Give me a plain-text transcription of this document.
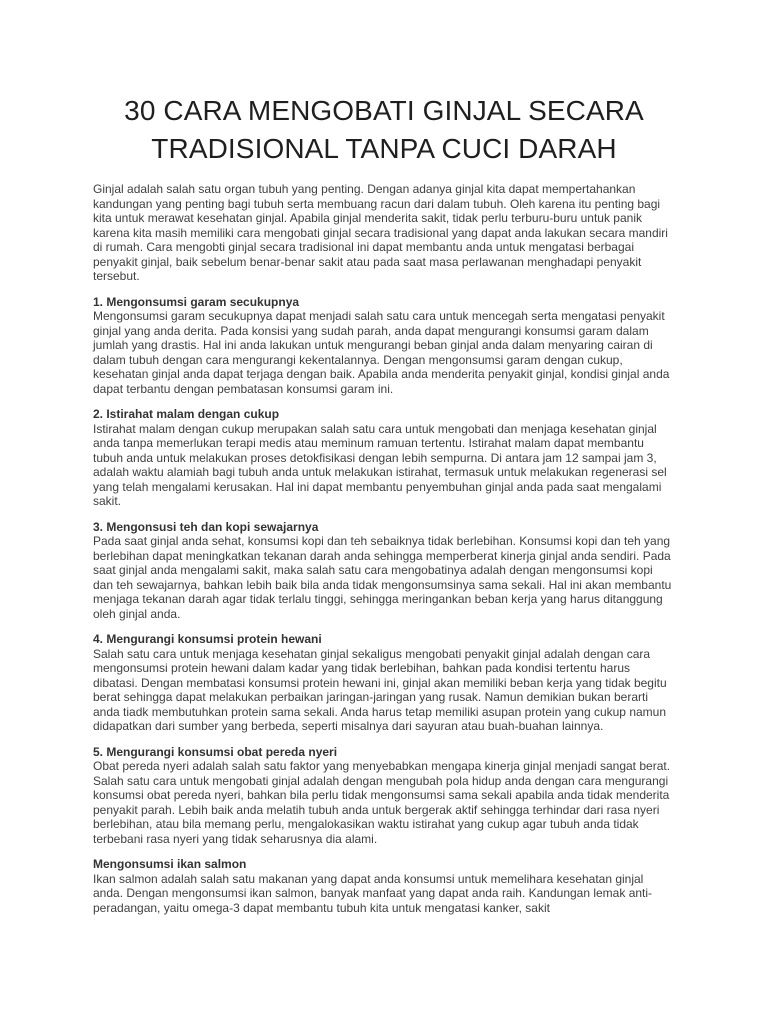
30 CARA MENGOBATI GINJAL SECARA
TRADISIONAL TANPA CUCI DARAH

Ginjal adalah salah satu organ tubuh yang penting. Dengan adanya ginjal kita dapat mempertahankan kandungan yang penting bagi tubuh serta membuang racun dari dalam tubuh. Oleh karena itu penting bagi kita untuk merawat kesehatan ginjal. Apabila ginjal menderita sakit, tidak perlu terburu-buru untuk panik karena kita masih memiliki cara mengobati ginjal secara tradisional yang dapat anda lakukan secara mandiri di rumah. Cara mengobti ginjal secara tradisional ini dapat membantu anda untuk mengatasi berbagai penyakit ginjal, baik sebelum benar-benar sakit atau pada saat masa perlawanan menghadapi penyakit tersebut.

1. Mengonsumsi garam secukupnya
Mengonsumsi garam secukupnya dapat menjadi salah satu cara untuk mencegah serta mengatasi penyakit ginjal yang anda derita. Pada konsisi yang sudah parah, anda dapat mengurangi konsumsi garam dalam jumlah yang drastis. Hal ini anda lakukan untuk mengurangi beban ginjal anda dalam menyaring cairan di dalam tubuh dengan cara mengurangi kekentalannya. Dengan mengonsumsi garam dengan cukup, kesehatan ginjal anda dapat terjaga dengan baik. Apabila anda menderita penyakit ginjal, kondisi ginjal anda dapat terbantu dengan pembatasan konsumsi garam ini.
2. Istirahat malam dengan cukup
Istirahat malam dengan cukup merupakan salah satu cara untuk mengobati dan menjaga kesehatan ginjal anda tanpa memerlukan terapi medis atau meminum ramuan tertentu. Istirahat malam dapat membantu tubuh anda untuk melakukan proses detokfisikasi dengan lebih sempurna. Di antara jam 12 sampai jam 3, adalah waktu alamiah bagi tubuh anda untuk melakukan istirahat, termasuk untuk melakukan regenerasi sel yang telah mengalami kerusakan. Hal ini dapat membantu penyembuhan ginjal anda pada saat mengalami sakit.
3. Mengonsusi teh dan kopi sewajarnya
Pada saat ginjal anda sehat, konsumsi kopi dan teh sebaiknya tidak berlebihan. Konsumsi kopi dan teh yang berlebihan dapat meningkatkan tekanan darah anda sehingga memperberat kinerja ginjal anda sendiri. Pada saat ginjal anda mengalami sakit, maka salah satu cara mengobatinya adalah dengan mengonsumsi kopi dan teh sewajarnya, bahkan lebih baik bila anda tidak mengonsumsinya sama sekali. Hal ini akan membantu menjaga tekanan darah agar tidak terlalu tinggi, sehingga meringankan beban kerja yang harus ditanggung oleh ginjal anda.
4. Mengurangi konsumsi protein hewani
Salah satu cara untuk menjaga kesehatan ginjal sekaligus mengobati penyakit ginjal adalah dengan cara mengonsumsi protein hewani dalam kadar yang tidak berlebihan, bahkan pada kondisi tertentu harus dibatasi. Dengan membatasi konsumsi protein hewani ini, ginjal akan memiliki beban kerja yang tidak begitu berat sehingga dapat melakukan perbaikan jaringan-jaringan yang rusak. Namun demikian bukan berarti anda tiadk membutuhkan protein sama sekali. Anda harus tetap memiliki asupan protein yang cukup namun didapatkan dari sumber yang berbeda, seperti misalnya dari sayuran atau buah-buahan lainnya.
5. Mengurangi konsumsi obat pereda nyeri
Obat pereda nyeri adalah salah satu faktor yang menyebabkan mengapa kinerja ginjal menjadi sangat berat. Salah satu cara untuk mengobati ginjal adalah dengan mengubah pola hidup anda dengan cara mengurangi konsumsi obat pereda nyeri, bahkan bila perlu tidak mengonsumsi sama sekali apabila anda tidak menderita penyakit parah. Lebih baik anda melatih tubuh anda untuk bergerak aktif sehingga terhindar dari rasa nyeri berlebihan, atau bila memang perlu, mengalokasikan waktu istirahat yang cukup agar tubuh anda tidak terbebani rasa nyeri yang tidak seharusnya dia alami.
Mengonsumsi ikan salmon
Ikan salmon adalah salah satu makanan yang dapat anda konsumsi untuk memelihara kesehatan ginjal anda. Dengan mengonsumsi ikan salmon, banyak manfaat yang dapat anda raih. Kandungan lemak anti-peradangan, yaitu omega-3 dapat membantu tubuh kita untuk mengatasi kanker, sakit
